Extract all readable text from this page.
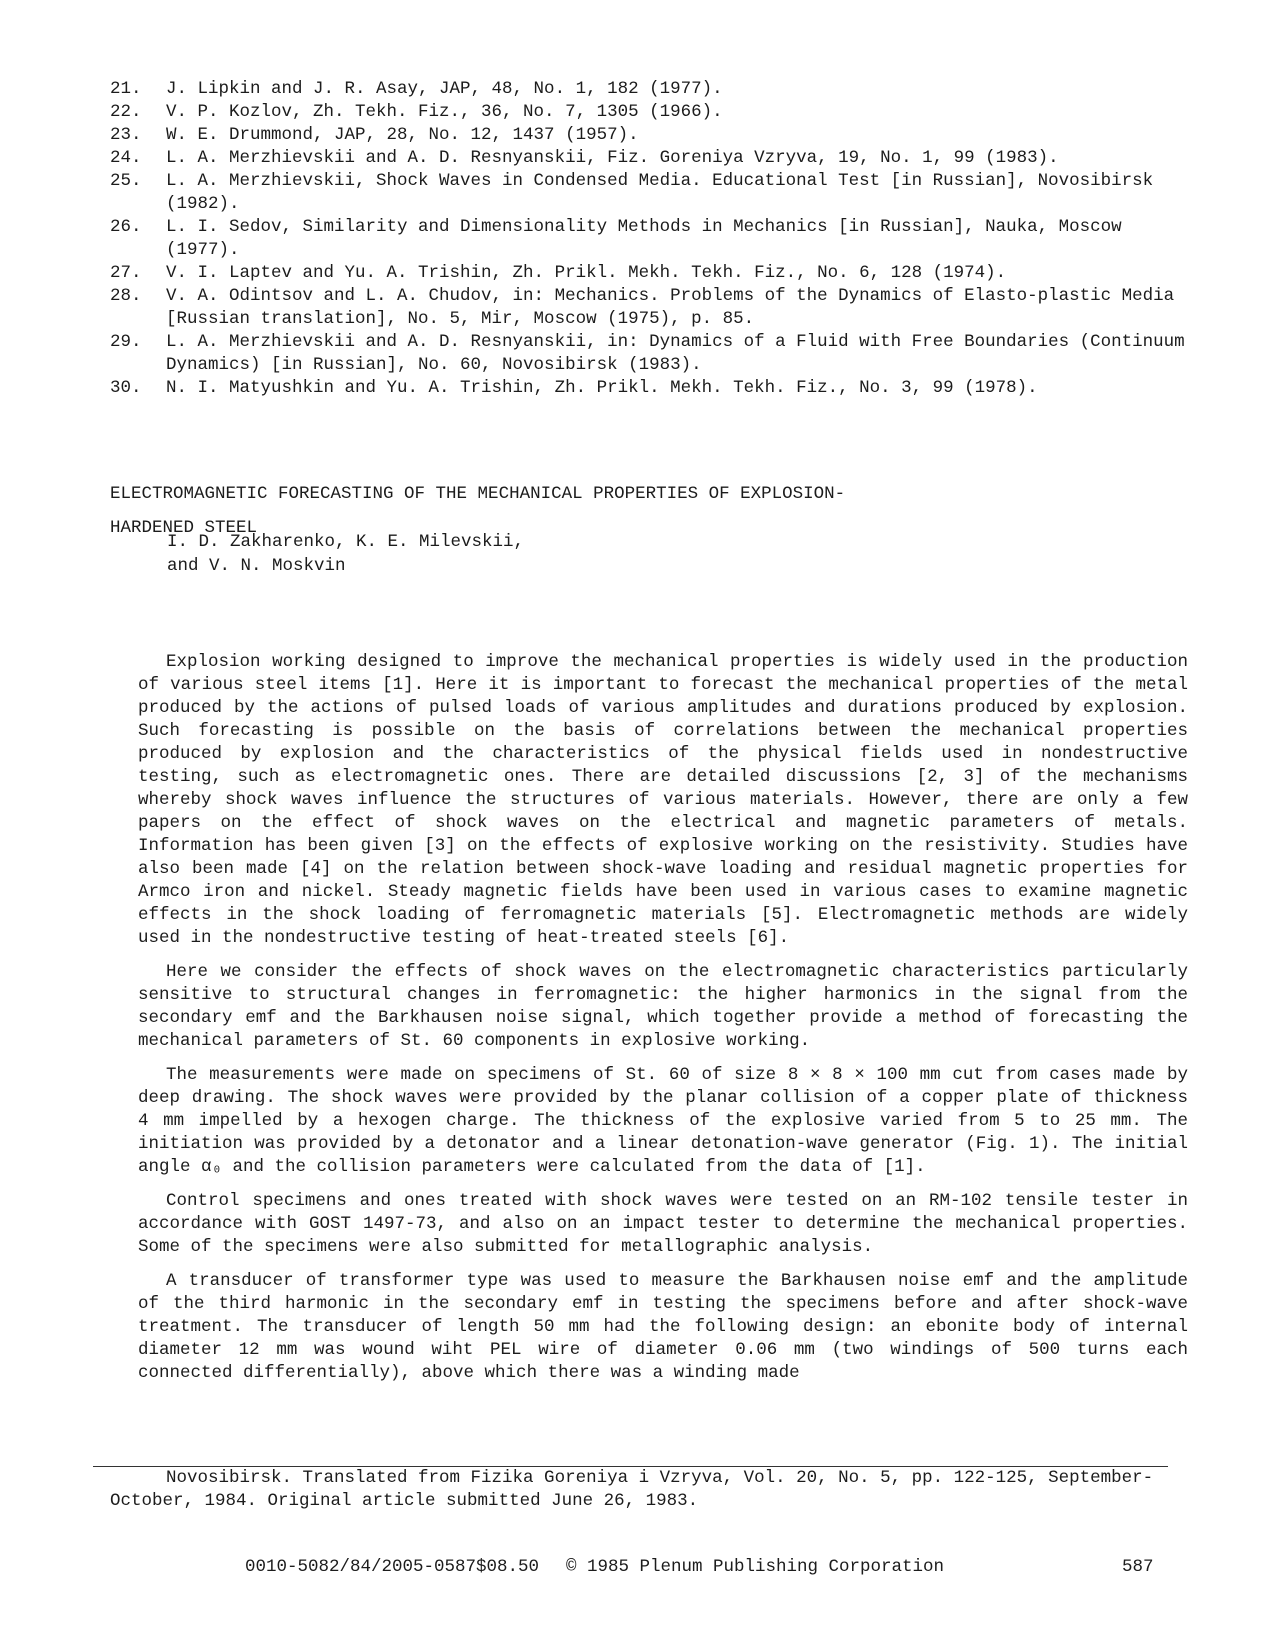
21.	J. Lipkin and J. R. Asay, JAP, 48, No. 1, 182 (1977).
22.	V. P. Kozlov, Zh. Tekh. Fiz., 36, No. 7, 1305 (1966).
23.	W. E. Drummond, JAP, 28, No. 12, 1437 (1957).
24.	L. A. Merzhievskii and A. D. Resnyanskii, Fiz. Goreniya Vzryva, 19, No. 1, 99 (1983).
25.	L. A. Merzhievskii, Shock Waves in Condensed Media. Educational Test [in Russian], Novosibirsk (1982).
26.	L. I. Sedov, Similarity and Dimensionality Methods in Mechanics [in Russian], Nauka, Moscow (1977).
27.	V. I. Laptev and Yu. A. Trishin, Zh. Prikl. Mekh. Tekh. Fiz., No. 6, 128 (1974).
28.	V. A. Odintsov and L. A. Chudov, in: Mechanics. Problems of the Dynamics of Elasto-plastic Media [Russian translation], No. 5, Mir, Moscow (1975), p. 85.
29.	L. A. Merzhievskii and A. D. Resnyanskii, in: Dynamics of a Fluid with Free Boundaries (Continuum Dynamics) [in Russian], No. 60, Novosibirsk (1983).
30.	N. I. Matyushkin and Yu. A. Trishin, Zh. Prikl. Mekh. Tekh. Fiz., No. 3, 99 (1978).
ELECTROMAGNETIC FORECASTING OF THE MECHANICAL PROPERTIES OF EXPLOSION-
HARDENED STEEL

I. D. Zakharenko, K. E. Milevskii,
and V. N. Moskvin

Explosion working designed to improve the mechanical properties is widely used in the production of various steel items [1]. Here it is important to forecast the mechanical properties of the metal produced by the actions of pulsed loads of various amplitudes and durations produced by explosion. Such forecasting is possible on the basis of correlations between the mechanical properties produced by explosion and the characteristics of the physical fields used in nondestructive testing, such as electromagnetic ones. There are detailed discussions [2, 3] of the mechanisms whereby shock waves influence the structures of various materials. However, there are only a few papers on the effect of shock waves on the electrical and magnetic parameters of metals. Information has been given [3] on the effects of explosive working on the resistivity. Studies have also been made [4] on the relation between shock-wave loading and residual magnetic properties for Armco iron and nickel. Steady magnetic fields have been used in various cases to examine magnetic effects in the shock loading of ferromagnetic materials [5]. Electromagnetic methods are widely used in the nondestructive testing of heat-treated steels [6].

Here we consider the effects of shock waves on the electromagnetic characteristics particularly sensitive to structural changes in ferromagnetic: the higher harmonics in the signal from the secondary emf and the Barkhausen noise signal, which together provide a method of forecasting the mechanical parameters of St. 60 components in explosive working.

The measurements were made on specimens of St. 60 of size 8 × 8 × 100 mm cut from cases made by deep drawing. The shock waves were provided by the planar collision of a copper plate of thickness 4 mm impelled by a hexogen charge. The thickness of the explosive varied from 5 to 25 mm. The initiation was provided by a detonator and a linear detonation-wave generator (Fig. 1). The initial angle α₀ and the collision parameters were calculated from the data of [1].

Control specimens and ones treated with shock waves were tested on an RM-102 tensile tester in accordance with GOST 1497-73, and also on an impact tester to determine the mechanical properties. Some of the specimens were also submitted for metallographic analysis.

A transducer of transformer type was used to measure the Barkhausen noise emf and the amplitude of the third harmonic in the secondary emf in testing the specimens before and after shock-wave treatment. The transducer of length 50 mm had the following design: an ebonite body of internal diameter 12 mm was wound wiht PEL wire of diameter 0.06 mm (two windings of 500 turns each connected differentially), above which there was a winding made

Novosibirsk. Translated from Fizika Goreniya i Vzryva, Vol. 20, No. 5, pp. 122-125, September-October, 1984. Original article submitted June 26, 1983.

0010-5082/84/2005-0587$08.50 © 1985 Plenum Publishing Corporation	587
